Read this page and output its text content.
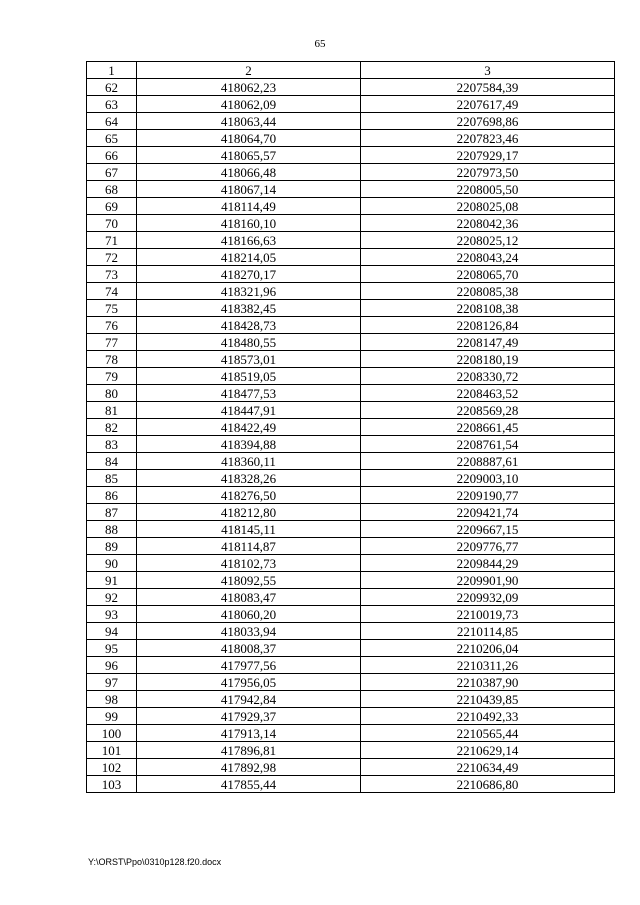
65
1	2	3
62	418062,23	2207584,39
63	418062,09	2207617,49
64	418063,44	2207698,86
65	418064,70	2207823,46
66	418065,57	2207929,17
67	418066,48	2207973,50
68	418067,14	2208005,50
69	418114,49	2208025,08
70	418160,10	2208042,36
71	418166,63	2208025,12
72	418214,05	2208043,24
73	418270,17	2208065,70
74	418321,96	2208085,38
75	418382,45	2208108,38
76	418428,73	2208126,84
77	418480,55	2208147,49
78	418573,01	2208180,19
79	418519,05	2208330,72
80	418477,53	2208463,52
81	418447,91	2208569,28
82	418422,49	2208661,45
83	418394,88	2208761,54
84	418360,11	2208887,61
85	418328,26	2209003,10
86	418276,50	2209190,77
87	418212,80	2209421,74
88	418145,11	2209667,15
89	418114,87	2209776,77
90	418102,73	2209844,29
91	418092,55	2209901,90
92	418083,47	2209932,09
93	418060,20	2210019,73
94	418033,94	2210114,85
95	418008,37	2210206,04
96	417977,56	2210311,26
97	417956,05	2210387,90
98	417942,84	2210439,85
99	417929,37	2210492,33
100	417913,14	2210565,44
101	417896,81	2210629,14
102	417892,98	2210634,49
103	417855,44	2210686,80
Y:\ORST\Ppo\0310p128.f20.docx
